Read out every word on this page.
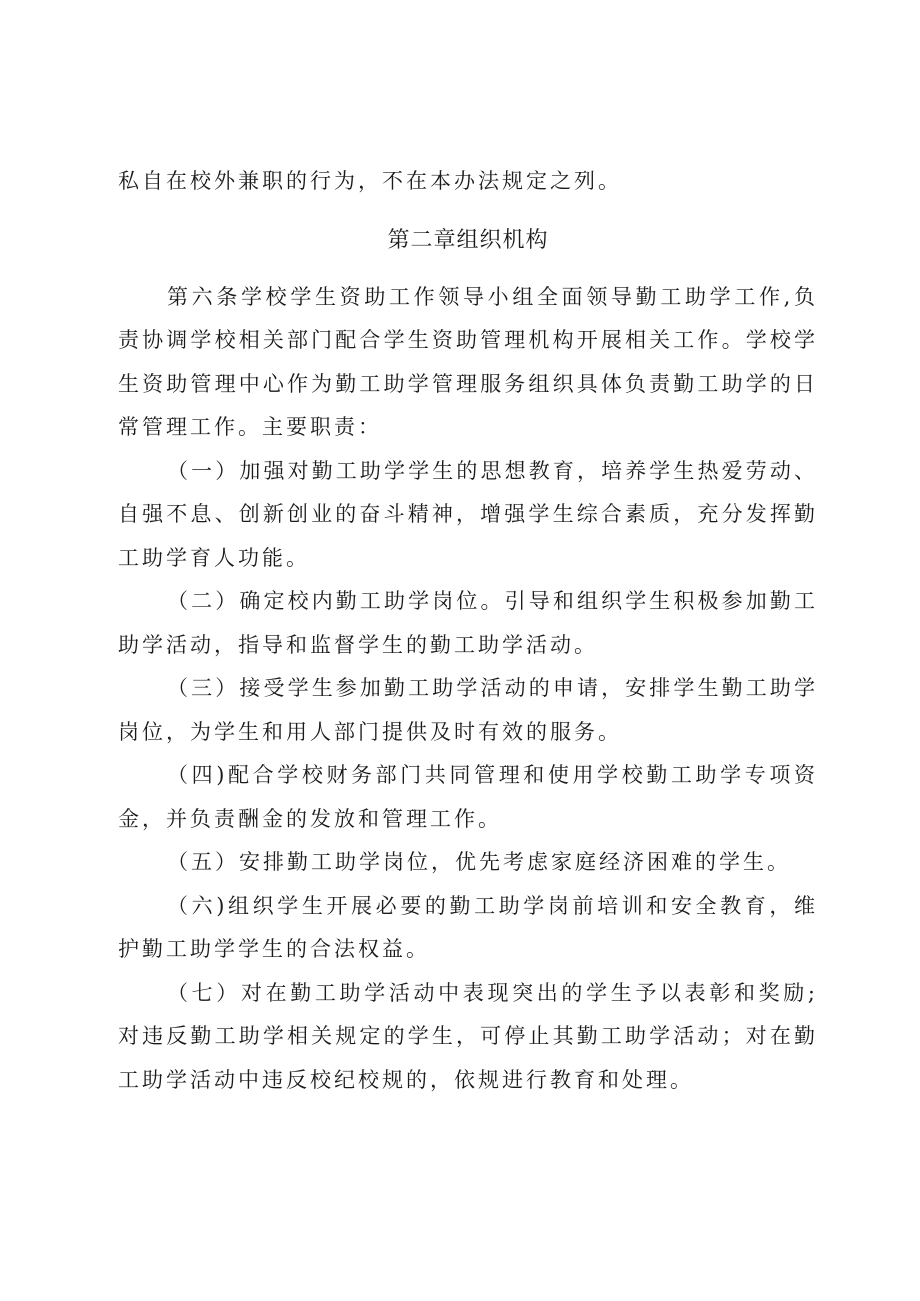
私自在校外兼职的行为，不在本办法规定之列。

第二章组织机构

第六条学校学生资助工作领导小组全面领导勤工助学工作,负责协调学校相关部门配合学生资助管理机构开展相关工作。学校学生资助管理中心作为勤工助学管理服务组织具体负责勤工助学的日常管理工作。主要职责：

（一）加强对勤工助学学生的思想教育，培养学生热爱劳动、自强不息、创新创业的奋斗精神，增强学生综合素质，充分发挥勤工助学育人功能。

（二）确定校内勤工助学岗位。引导和组织学生积极参加勤工助学活动，指导和监督学生的勤工助学活动。

（三）接受学生参加勤工助学活动的申请，安排学生勤工助学岗位，为学生和用人部门提供及时有效的服务。

（四)配合学校财务部门共同管理和使用学校勤工助学专项资金，并负责酬金的发放和管理工作。

（五）安排勤工助学岗位，优先考虑家庭经济困难的学生。

（六)组织学生开展必要的勤工助学岗前培训和安全教育，维护勤工助学学生的合法权益。

（七）对在勤工助学活动中表现突出的学生予以表彰和奖励;对违反勤工助学相关规定的学生，可停止其勤工助学活动；对在勤工助学活动中违反校纪校规的，依规进行教育和处理。
